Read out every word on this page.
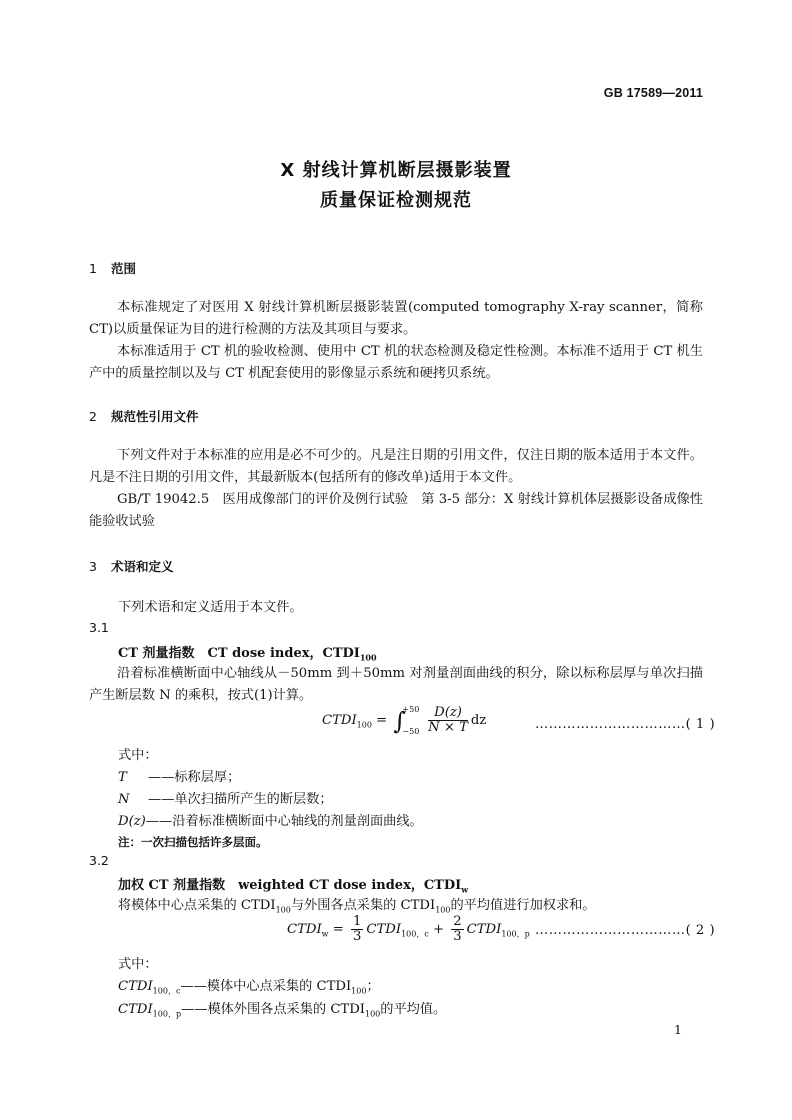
GB 17589—2011
X 射线计算机断层摄影装置
质量保证检测规范
1 范围
本标准规定了对医用 X 射线计算机断层摄影装置(computed tomography X-ray scanner，简称CT)以质量保证为目的进行检测的方法及其项目与要求。
本标准适用于 CT 机的验收检测、使用中 CT 机的状态检测及稳定性检测。本标准不适用于 CT 机生产中的质量控制以及与 CT 机配套使用的影像显示系统和硬拷贝系统。
2 规范性引用文件
下列文件对于本标准的应用是必不可少的。凡是注日期的引用文件，仅注日期的版本适用于本文件。凡是不注日期的引用文件，其最新版本(包括所有的修改单)适用于本文件。
GB/T 19042.5　医用成像部门的评价及例行试验　第 3-5 部分：X 射线计算机体层摄影设备成像性能验收试验
3 术语和定义
下列术语和定义适用于本文件。
3.1
CT 剂量指数　CT dose index，$CTDI_{100}$
沿着标准横断面中心轴线从－50mm 到＋50mm 对剂量剖面曲线的积分，除以标称层厚与单次扫描产生断层数 N 的乘积，按式(1)计算。
$CTDI_{100}$ = ∫
+50
−50
$\frac{D(z)}{N \times T}$ dz	……………………………( 1 )
式中：
T ——标称层厚；
N ——单次扫描所产生的断层数；
D(z)——沿着标准横断面中心轴线的剂量剖面曲线。
注：一次扫描包括许多层面。
3.2
加权 CT 剂量指数　weighted CT dose index，$CTDI_w$
将模体中心点采集的 $CTDI_{100}$与外围各点采集的 $CTDI_{100}$的平均值进行加权求和。
$CTDI_w = \frac{1}{3}$ $CTDI_{100,c} + \frac{2}{3}$ $CTDI_{100,p}$ ……………………………( 2 )
式中：
$CTDI_{100,c}——$模体中心点采集的 $CTDI_{100}$；
$CTDI_{100,p}——$模体外围各点采集的 $CTDI_{100}$的平均值。
1
